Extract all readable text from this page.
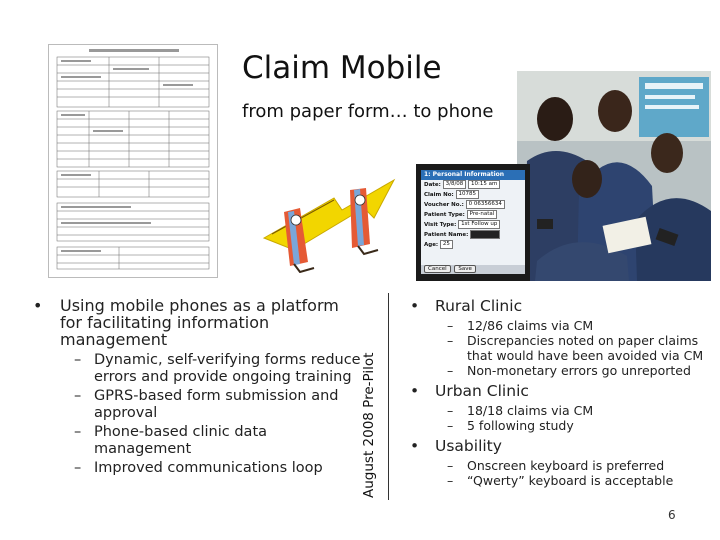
Claim Mobile
from paper form… to phone
1: Personal Information
Date: 3/8/08 10:15 am
Claim No: 10785
Voucher No.: 0 06356634
Patient Type: Pre-natal
Visit Type: 1st Follow up
Patient Name:
Age: 25
Cancel Save
• Using mobile phones as a platform for facilitating information management
– Dynamic, self-verifying forms reduce errors and provide ongoing training
– GPRS-based form submission and approval
– Phone-based clinic data management
– Improved communications loop	August 2008 Pre-Pilot
• Rural Clinic
– 12/86 claims via CM
– Discrepancies noted on paper claims that would have been avoided via CM
– Non-monetary errors go unreported
• Urban Clinic
– 18/18 claims via CM
– 5 following study
• Usability
– Onscreen keyboard is preferred
– “Qwerty” keyboard is acceptable
6
